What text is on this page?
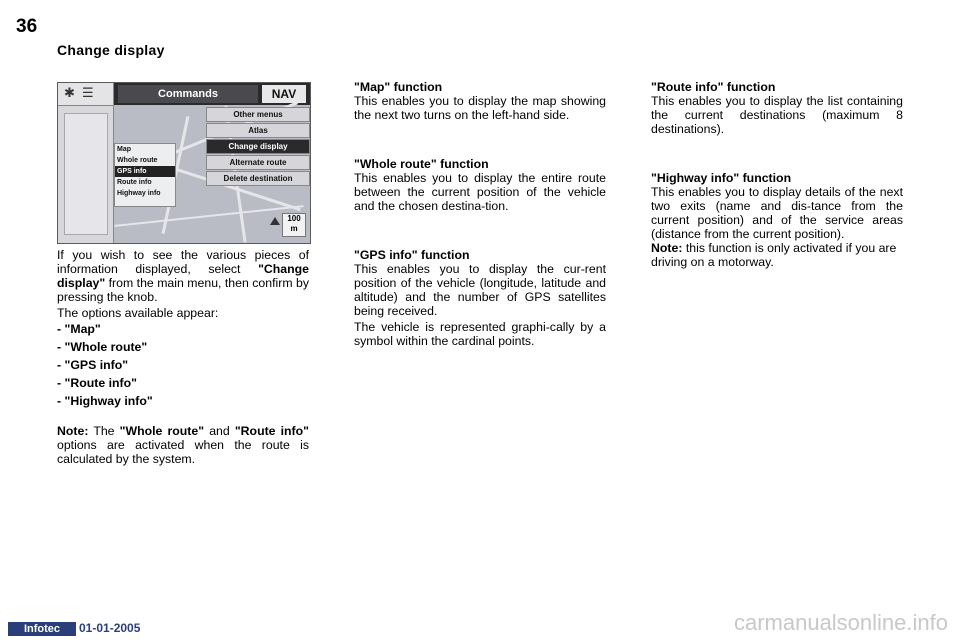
36
Change display
✱ ☰	Commands	NAV
Other menus
Atlas
Change display
Alternate route
Delete destination
Map
Whole route
GPS info
Route info
Highway info
100
m

If you wish to see the various pieces of information displayed, select "Change display" from the main menu, then confirm by pressing the knob.

The options available appear:

- "Map"
- "Whole route"
- "GPS info"
- "Route info"
- "Highway info"

Note: The "Whole route" and "Route info" options are activated when the route is calculated by the system.

"Map" function

This enables you to display the map showing the next two turns on the left-hand side.

"Whole route" function

This enables you to display the entire route between the current position of the vehicle and the chosen destina-tion.

"GPS info" function

This enables you to display the cur-rent position of the vehicle (longitude, latitude and altitude) and the number of GPS satellites being received.

The vehicle is represented graphi-cally by a symbol within the cardinal points.

"Route info" function

This enables you to display the list containing the current destinations (maximum 8 destinations).

"Highway info" function

This enables you to display details of the next two exits (name and dis-tance from the current position) and of the service areas (distance from the current position).

Note: this function is only activated if you are driving on a motorway.

Infotec	01-01-2005	carmanualsonline.info
